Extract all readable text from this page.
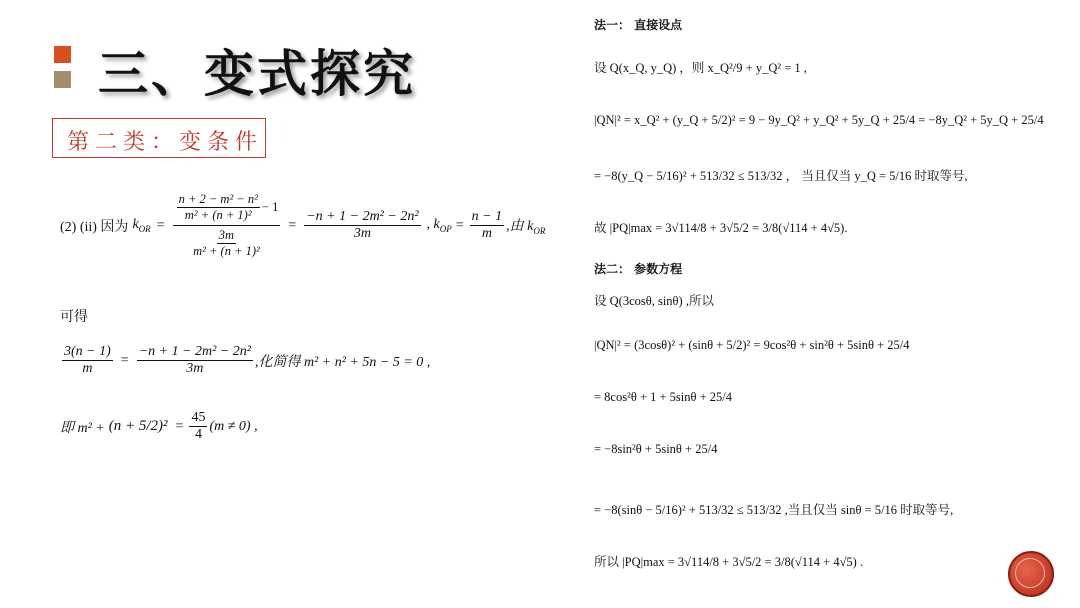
三、变式探究
第二类：变条件
(2) (ii) 因为 $k_{OR} = \frac{\frac{\text{n + 2 − m² − n²}}{\text{m² + (n + 1)²}} - 1}{\frac{3m}{\text{m² + (n + 1)²}}} = \frac{\text{−n + 1 − 2m² − 2n²}}{3m}$ , $k_{OP} = \frac{n - 1}{m}$ ,由 $k_{OR}$
可得
$\frac{3(n - 1)}{m} = \frac{\text{−n + 1 − 2m² − 2n²}}{3m}$ ,化简得 m² + n² + 5n − 5 = 0 ,
即 $m^2 + (n + 5/2)^2 = \frac{45}{4} (m \ne 0)$ ,
法一： 直接设点
设 Q(x_Q, y_Q) ，则 x_Q²/9 + y_Q² = 1 ,
|QN|² = x_Q² + (y_Q + 5/2)² = 9 − 9y_Q² + y_Q² + 5y_Q + 25/4 = −8y_Q² + 5y_Q + 25/4
= −8(y_Q − 5/16)² + 513/32 ≤ 513/32 ， 当且仅当 y_Q = 5/16 时取等号,
故 |PQ|max = 3√114/8 + 3√5/2 = 3/8(√114 + 4√5).
法二： 参数方程
设 Q(3cosθ, sinθ) ,所以
|QN|² = (3cosθ)² + (sinθ + 5/2)² = 9cos²θ + sin²θ + 5sinθ + 25/4
= 8cos²θ + 1 + 5sinθ + 25/4
= −8sin²θ + 5sinθ + 25/4
= −8(sinθ − 5/16)² + 513/32 ≤ 513/32 ,当且仅当 sinθ = 5/16 时取等号,
所以 |PQ|max = 3√114/8 + 3√5/2 = 3/8(√114 + 4√5) .
